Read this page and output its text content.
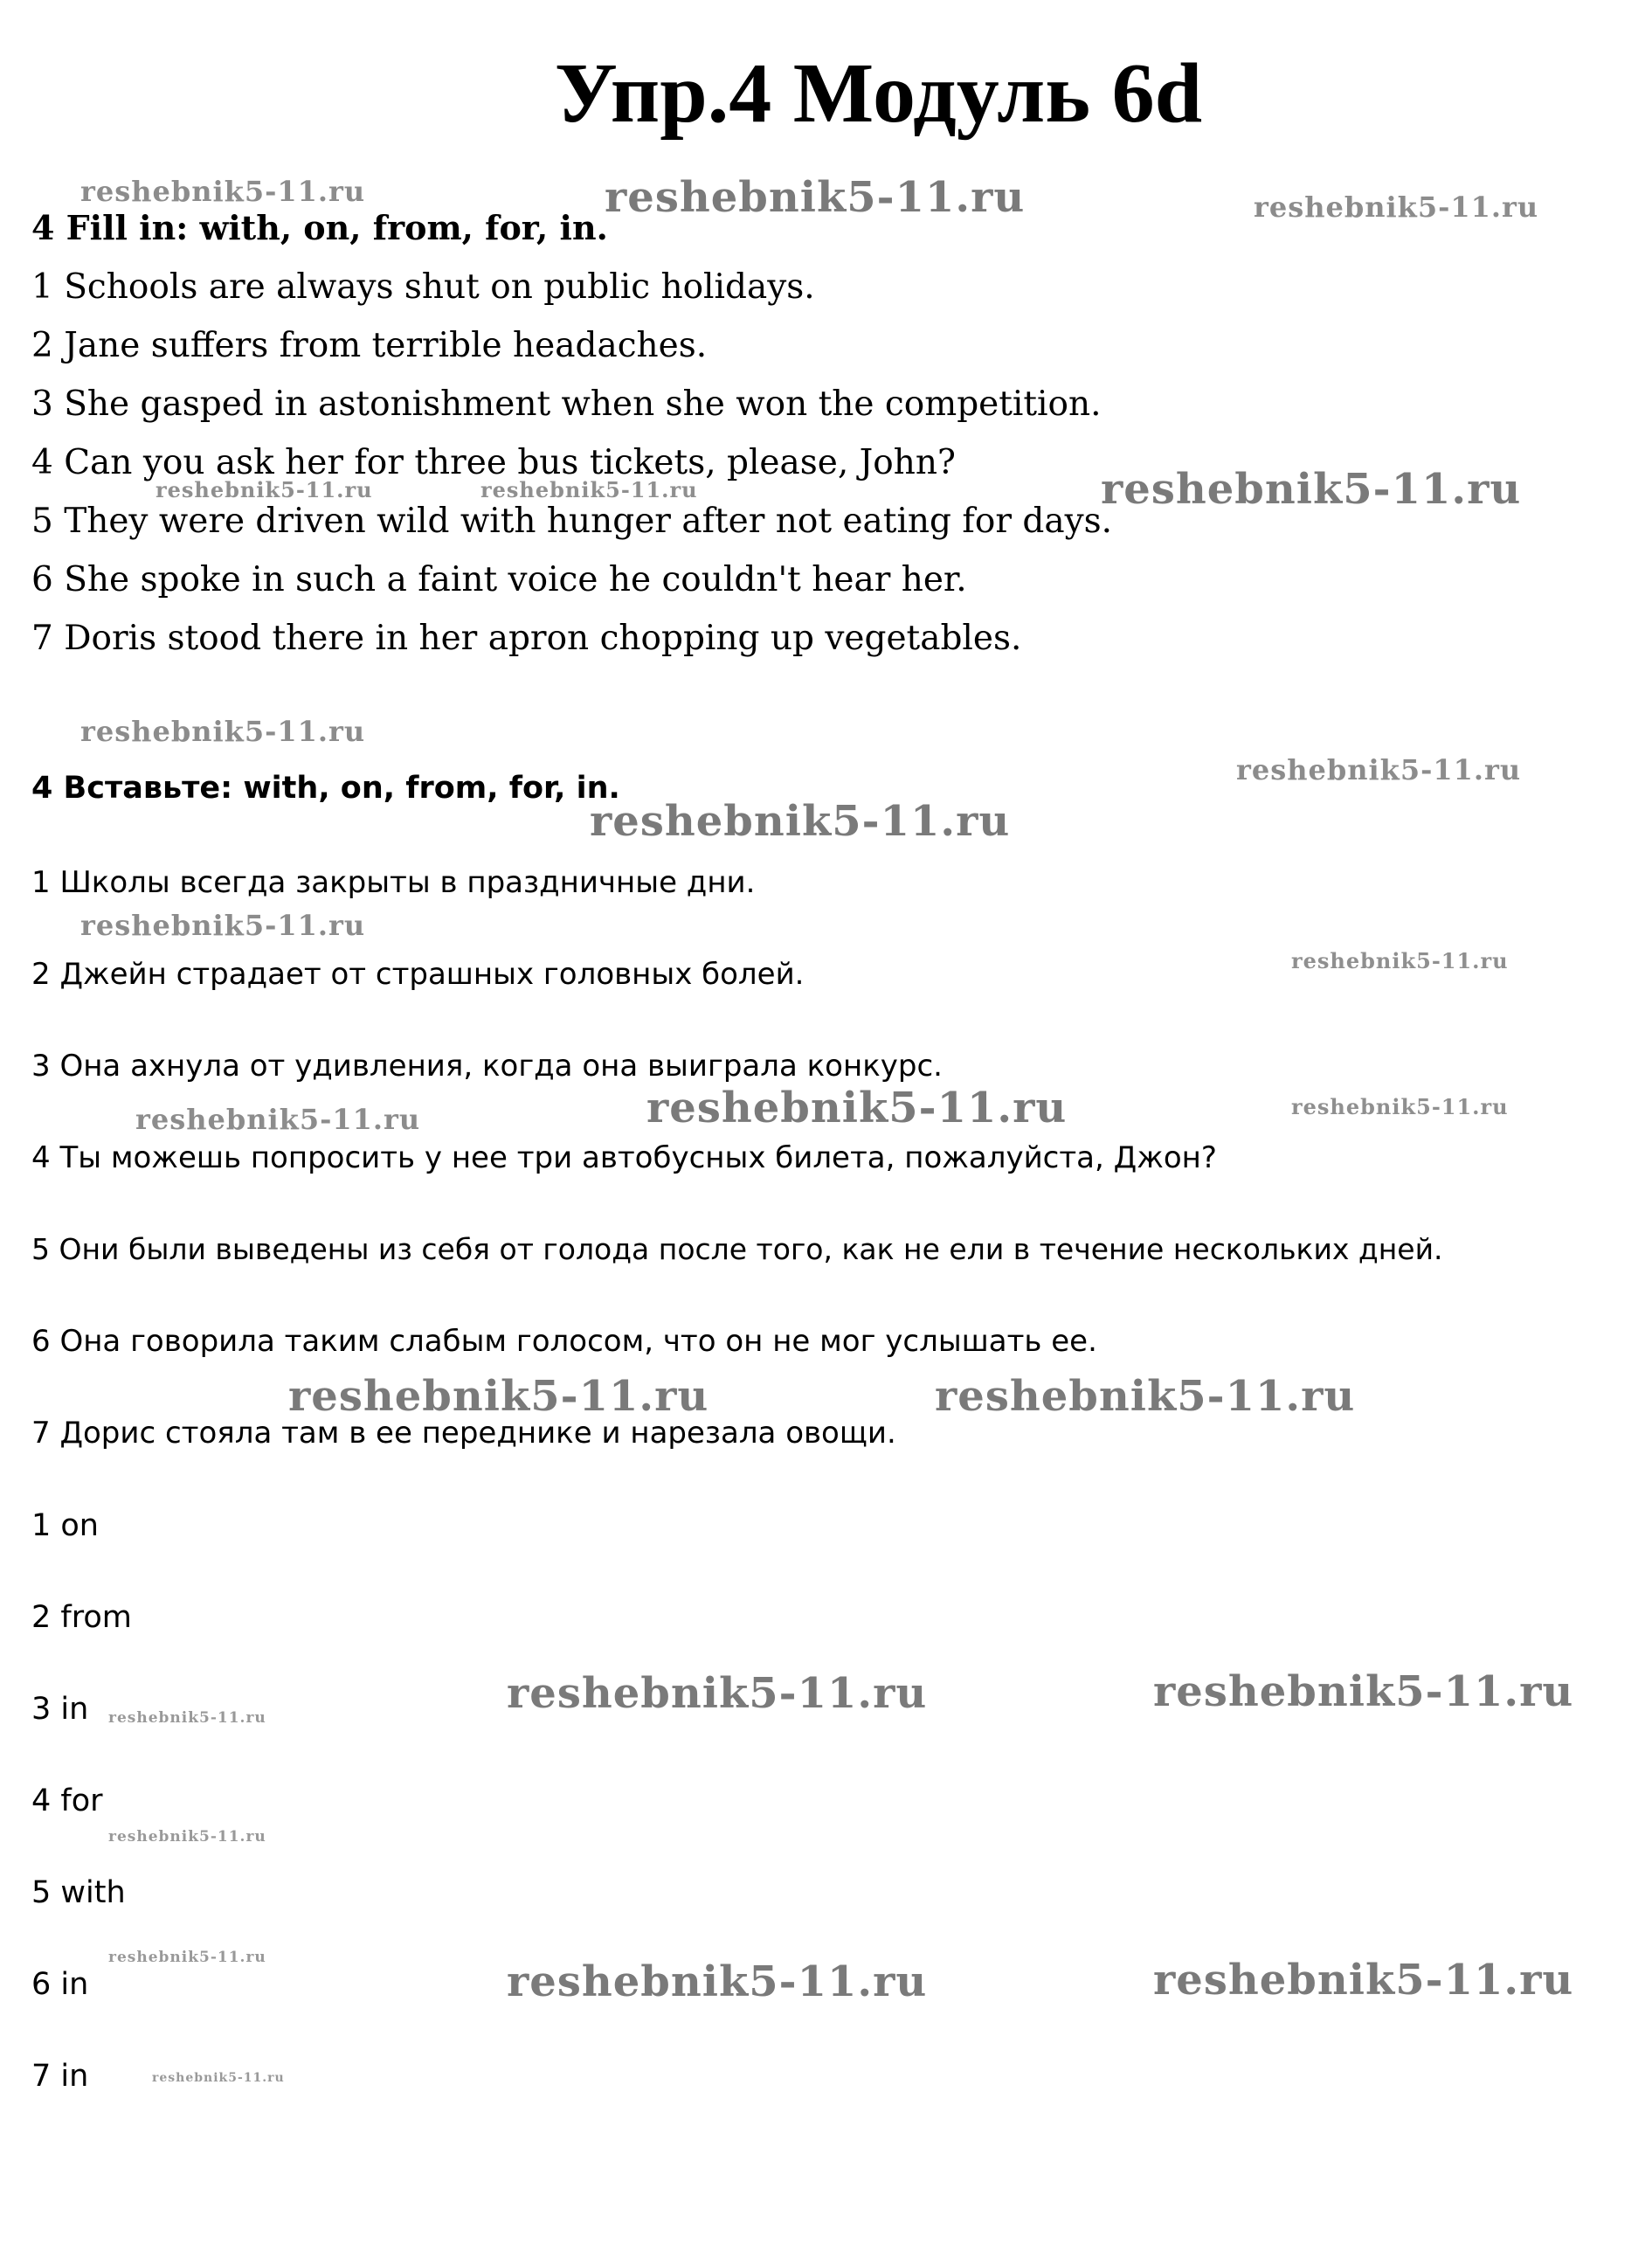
Упр.4 Модуль 6d
4 Fill in: with, on, from, for, in.
1 Schools are always shut on public holidays.
2 Jane suffers from terrible headaches.
3 She gasped in astonishment when she won the competition.
4 Can you ask her for three bus tickets, please, John?
5 They were driven wild with hunger after not eating for days.
6 She spoke in such a faint voice he couldn't hear her.
7 Doris stood there in her apron chopping up vegetables.
4 Вставьте: with, on, from, for, in.
1 Школы всегда закрыты в праздничные дни.
2 Джейн страдает от страшных головных болей.
3 Она ахнула от удивления, когда она выиграла конкурс.
4 Ты можешь попросить у нее три автобусных билета, пожалуйста, Джон?
5 Они были выведены из себя от голода после того, как не ели в течение нескольких дней.
6 Она говорила таким слабым голосом, что он не мог услышать ее.
7 Дорис стояла там в ее переднике и нарезала овощи.
1 on
2 from
3 in
4 for
5 with
6 in
7 in
reshebnik5-11.ru	reshebnik5-11.ru	reshebnik5-11.ru
reshebnik5-11.ru	reshebnik5-11.ru	reshebnik5-11.ru
reshebnik5-11.ru
reshebnik5-11.ru
reshebnik5-11.ru
reshebnik5-11.ru
reshebnik5-11.ru
reshebnik5-11.ru	reshebnik5-11.ru	reshebnik5-11.ru
reshebnik5-11.ru	reshebnik5-11.ru
reshebnik5-11.ru	reshebnik5-11.ru
reshebnik5-11.ru
reshebnik5-11.ru
reshebnik5-11.ru	reshebnik5-11.ru	reshebnik5-11.ru
reshebnik5-11.ru
